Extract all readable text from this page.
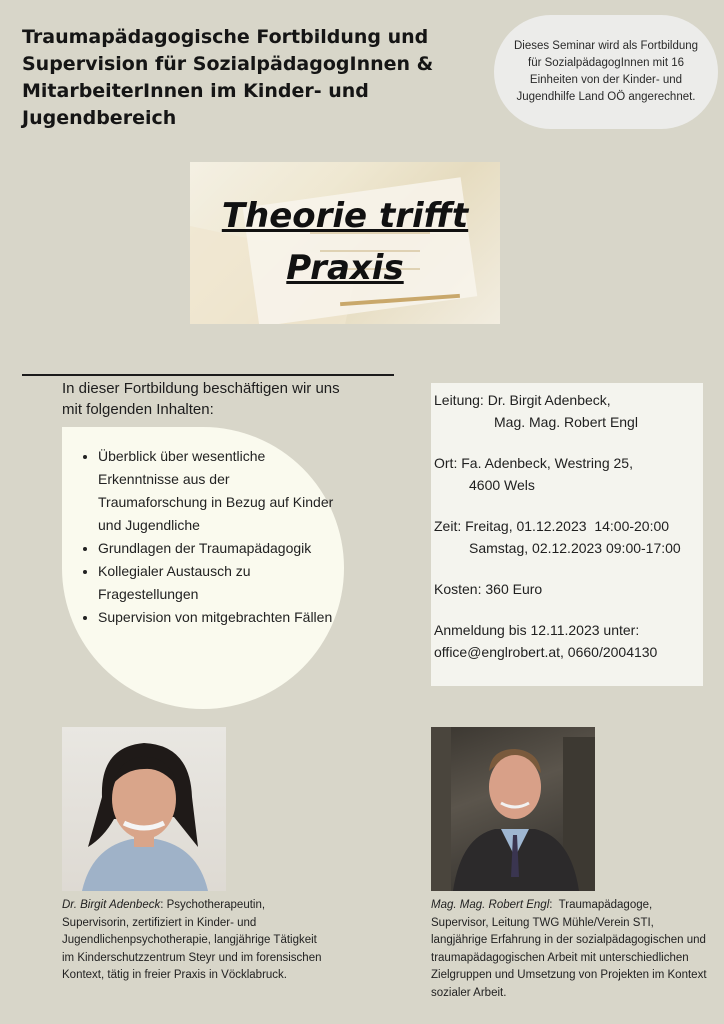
Traumapädagogische Fortbildung und Supervision für SozialpädagogInnen & MitarbeiterInnen im Kinder- und Jugendbereich
Dieses Seminar wird als Fortbildung für SozialpädagogInnen mit 16 Einheiten von der Kinder- und Jugendhilfe Land OÖ angerechnet.
Theorie trifft
Praxis
In dieser Fortbildung beschäftigen wir uns mit folgenden Inhalten:
• Überblick über wesentliche Erkenntnisse aus der Traumaforschung in Bezug auf Kinder und Jugendliche
• Grundlagen der Traumapädagogik
• Kollegialer Austausch zu Fragestellungen
• Supervision von mitgebrachten Fällen
Leitung:
Dr. Birgit Adenbeck,
Mag. Mag. Robert Engl
Ort:
Fa. Adenbeck, Westring 25,
4600 Wels
Zeit:
Freitag, 01.12.2023  14:00-20:00
Samstag, 02.12.2023 09:00-17:00
Kosten: 360 Euro
Anmeldung bis 12.11.2023 unter:
office@englrobert.at, 0660/2004130
Dr. Birgit Adenbeck: Psychotherapeutin, Supervisorin, zertifiziert in Kinder- und Jugendlichenpsychotherapie, langjährige Tätigkeit im Kinderschutzzentrum Steyr und im forensischen Kontext, tätig in freier Praxis in Vöcklabruck.
Mag. Mag. Robert Engl:  Traumapädagoge, Supervisor, Leitung TWG Mühle/Verein STI, langjährige Erfahrung in der sozialpädagogischen und traumapädagogischen Arbeit mit unterschiedlichen Zielgruppen und Umsetzung von Projekten im Kontext sozialer Arbeit.
